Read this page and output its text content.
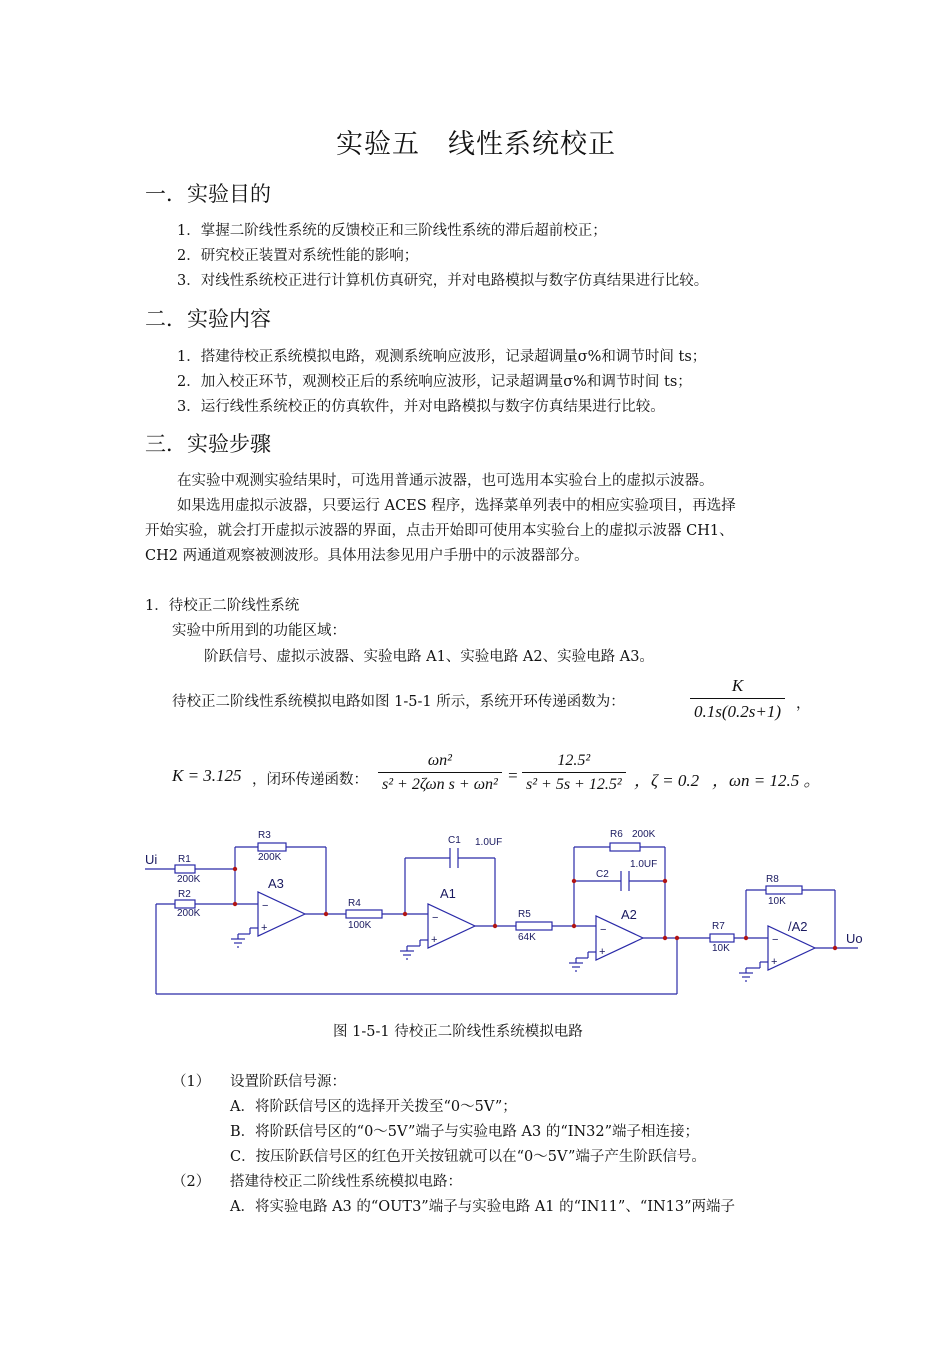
实验五　线性系统校正
一．实验目的
1．掌握二阶线性系统的反馈校正和三阶线性系统的滞后超前校正；
2．研究校正装置对系统性能的影响；
3．对线性系统校正进行计算机仿真研究，并对电路模拟与数字仿真结果进行比较。
二．实验内容
1．搭建待校正系统模拟电路，观测系统响应波形，记录超调量σ%和调节时间 ts；
2．加入校正环节，观测校正后的系统响应波形，记录超调量σ%和调节时间 ts；
3．运行线性系统校正的仿真软件，并对电路模拟与数字仿真结果进行比较。
三．实验步骤
在实验中观测实验结果时，可选用普通示波器，也可选用本实验台上的虚拟示波器。
如果选用虚拟示波器，只要运行 ACES 程序，选择菜单列表中的相应实验项目，再选择
开始实验，就会打开虚拟示波器的界面，点击开始即可使用本实验台上的虚拟示波器 CH1、
CH2 两通道观察被测波形。具体用法参见用户手册中的示波器部分。
1．待校正二阶线性系统
实验中所用到的功能区域：
阶跃信号、虚拟示波器、实验电路 A1、实验电路 A2、实验电路 A3。
待校正二阶线性系统模拟电路如图 1-5-1 所示，系统开环传递函数为：	$\frac{K}{0.1s(0.2s+1)}$ ，
K = 3.125 ，闭环传递函数： $\frac{\text{ωn²}}{\text{s² + 2ζωn s + ωn²}} = \frac{\text{12.5²}}{\text{s² + 5s + 12.5²}}$ ，ζ = 0.2 ，ωn = 12.5 。
Ui R1
200K
R2
200K
R3
200K
A3
−
+
R4
100K
C1 1.0UF
A1
−
+
R5
64K
R6 200K
C2
1.0UF
A2
−
+
R7
10K
R8
10K
/A2
−
+
Uo
图 1-5-1 待校正二阶线性系统模拟电路
（1） 设置阶跃信号源：
A．将阶跃信号区的选择开关拨至“0～5V”；
B．将阶跃信号区的“0～5V”端子与实验电路 A3 的“IN32”端子相连接；
C．按压阶跃信号区的红色开关按钮就可以在“0～5V”端子产生阶跃信号。
（2） 搭建待校正二阶线性系统模拟电路：
A．将实验电路 A3 的“OUT3”端子与实验电路 A1 的“IN11”、“IN13”两端子
